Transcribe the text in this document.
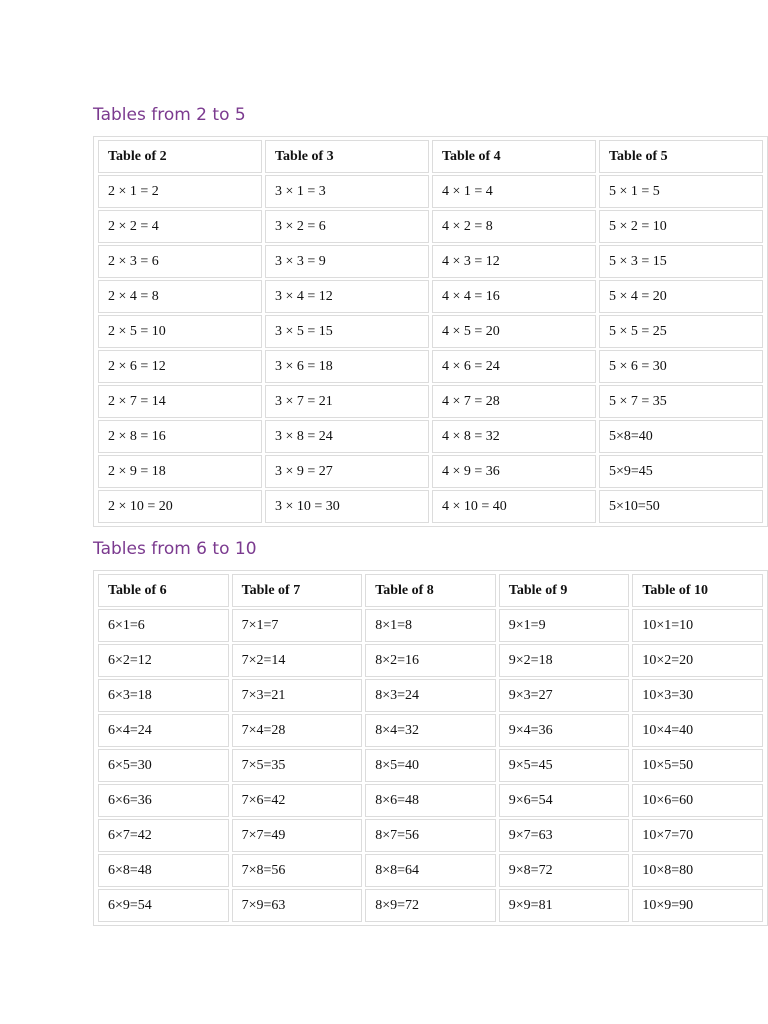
Tables from 2 to 5
Table of 2	Table of 3	Table of 4	Table of 5
2 × 1 = 2	3 × 1 = 3	4 × 1 = 4	5 × 1 = 5
2 × 2 = 4	3 × 2 = 6	4 × 2 = 8	5 × 2 = 10
2 × 3 = 6	3 × 3 = 9	4 × 3 = 12	5 × 3 = 15
2 × 4 = 8	3 × 4 = 12	4 × 4 = 16	5 × 4 = 20
2 × 5 = 10	3 × 5 = 15	4 × 5 = 20	5 × 5 = 25
2 × 6 = 12	3 × 6 = 18	4 × 6 = 24	5 × 6 = 30
2 × 7 = 14	3 × 7 = 21	4 × 7 = 28	5 × 7 = 35
2 × 8 = 16	3 × 8 = 24	4 × 8 = 32	5×8=40
2 × 9 = 18	3 × 9 = 27	4 × 9 = 36	5×9=45
2 × 10 = 20	3 × 10 = 30	4 × 10 = 40	5×10=50
Tables from 6 to 10
Table of 6	Table of 7	Table of 8	Table of 9	Table of 10
6×1=6	7×1=7	8×1=8	9×1=9	10×1=10
6×2=12	7×2=14	8×2=16	9×2=18	10×2=20
6×3=18	7×3=21	8×3=24	9×3=27	10×3=30
6×4=24	7×4=28	8×4=32	9×4=36	10×4=40
6×5=30	7×5=35	8×5=40	9×5=45	10×5=50
6×6=36	7×6=42	8×6=48	9×6=54	10×6=60
6×7=42	7×7=49	8×7=56	9×7=63	10×7=70
6×8=48	7×8=56	8×8=64	9×8=72	10×8=80
6×9=54	7×9=63	8×9=72	9×9=81	10×9=90
